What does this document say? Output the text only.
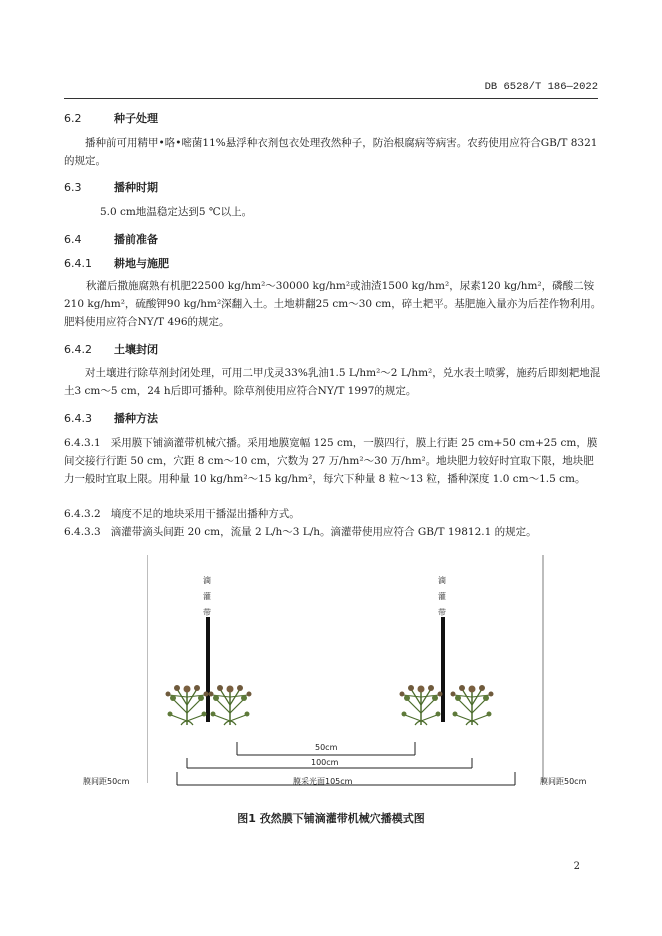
DB 6528/T 186—2022
6.2	种子处理
播种前可用精甲•咯•嘧菌11%悬浮种衣剂包衣处理孜然种子，防治根腐病等病害。农药使用应符合GB/T 8321的规定。
6.3	播种时期
5.0 cm地温稳定达到5 ℃以上。
6.4	播前准备
6.4.1 耕地与施肥
秋灌后撒施腐熟有机肥22500 kg/hm²～30000 kg/hm²或油渣1500 kg/hm²，尿素120 kg/hm²，磷酸二铵210 kg/hm²，硫酸钾90 kg/hm²深翻入土。土地耕翻25 cm～30 cm，碎土耙平。基肥施入量亦为后茬作物利用。肥料使用应符合NY/T 496的规定。
6.4.2 土壤封闭
对土壤进行除草剂封闭处理，可用二甲戊灵33%乳油1.5 L/hm²～2 L/hm²，兑水表土喷雾，施药后即刻耙地混土3 cm～5 cm，24 h后即可播种。除草剂使用应符合NY/T 1997的规定。
6.4.3 播种方法
6.4.3.1 采用膜下铺滴灌带机械穴播。采用地膜宽幅 125 cm，一膜四行，膜上行距 25 cm+50 cm+25 cm，膜间交接行行距 50 cm，穴距 8 cm～10 cm，穴数为 27 万/hm²～30 万/hm²。地块肥力较好时宜取下限，地块肥力一般时宜取上限。用种量 10 kg/hm²～15 kg/hm²，每穴下种量 8 粒～13 粒，播种深度 1.0 cm～1.5 cm。
6.4.3.2 墒度不足的地块采用干播湿出播种方式。
6.4.3.3 滴灌带滴头间距 20 cm，流量 2 L/h～3 L/h。滴灌带使用应符合 GB/T 19812.1 的规定。
滴灌带
滴灌带
50cm
100cm
膜采光面105cm
膜间距50cm	膜间距50cm
图1 孜然膜下铺滴灌带机械穴播模式图
2
